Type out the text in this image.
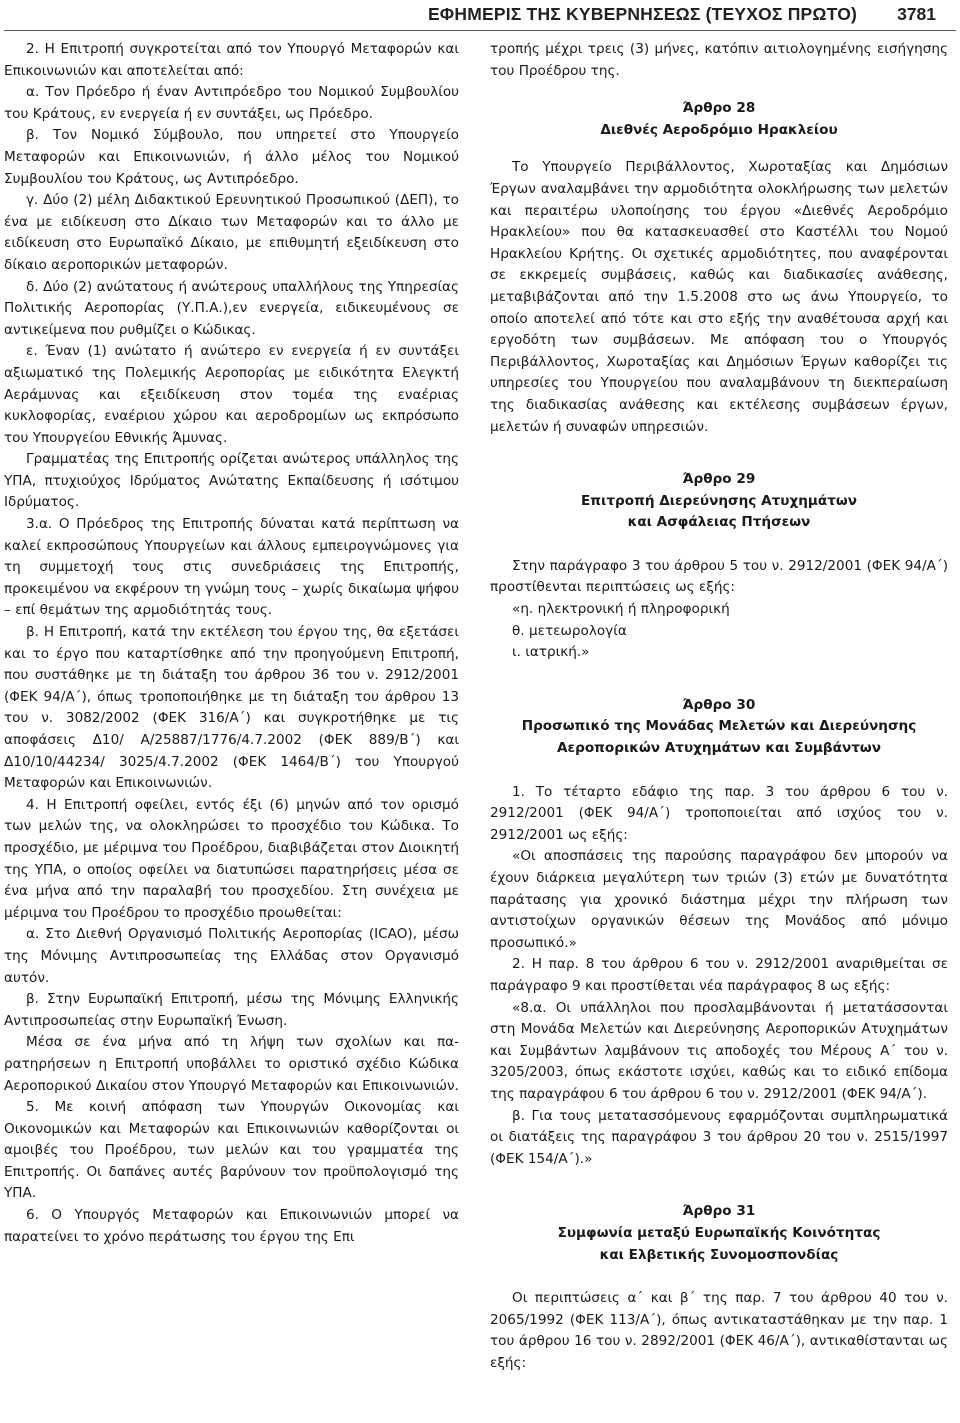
ΕΦΗΜΕΡΙΣ ΤΗΣ ΚΥΒΕΡΝΗΣΕΩΣ (ΤΕΥΧΟΣ ΠΡΩΤΟ) 3781

2. Η Επιτροπή συγκροτείται από τον Υπουργό Μεταφορών και Επικοινωνιών και αποτελείται από:

α. Τον Πρόεδρο ή έναν Αντιπρόεδρο του Νομικού Συμβουλίου του Κράτους, εν ενεργεία ή εν συντάξει, ως Πρόεδρο.

β. Τον Νομικό Σύμβουλο, που υπηρετεί στο Υπουργείο Μεταφορών και Επικοινωνιών, ή άλλο μέλος του Νομικού Συμβουλίου του Κράτους, ως Αντιπρόεδρο.

γ. Δύο (2) μέλη Διδακτικού Ερευνητικού Προσωπικού (ΔΕΠ), το ένα με ειδίκευση στο Δίκαιο των Μεταφορών και το άλλο με ειδίκευση στο Ευρωπαϊκό Δίκαιο, με επιθυμητή εξειδίκευση στο δίκαιο αεροπορικών μεταφορών.

δ. Δύο (2) ανώτατους ή ανώτερους υπαλλήλους της Υπηρεσίας Πολιτικής Αεροπορίας (Υ.Π.Α.),εν ενεργεία, ειδικευμένους σε αντικείμενα που ρυθμίζει ο Κώδικας.

ε. Έναν (1) ανώτατο ή ανώτερο εν ενεργεία ή εν συντάξει αξιωματικό της Πολεμικής Αεροπορίας με ειδικότητα Ελεγκτή Αεράμυνας και εξειδίκευση στον τομέα της εναέριας κυκλοφορίας, εναέριου χώρου και αεροδρομίων ως εκπρόσωπο του Υπουργείου Εθνικής Άμυνας.

Γραμματέας της Επιτροπής ορίζεται ανώτερος υπάλληλος της ΥΠΑ, πτυχιούχος Ιδρύματος Ανώτατης Εκπαίδευσης ή ισότιμου Ιδρύματος.

3.α. Ο Πρόεδρος της Επιτροπής δύναται κατά περίπτωση να καλεί εκπροσώπους Υπουργείων και άλλους εμπειρογνώμονες για τη συμμετοχή τους στις συνεδριάσεις της Επιτροπής, προκειμένου να εκφέρουν τη γνώμη τους – χωρίς δικαίωμα ψήφου – επί θεμάτων της αρμοδιότητάς τους.

β. Η Επιτροπή, κατά την εκτέλεση του έργου της, θα εξετάσει και το έργο που καταρτίσθηκε από την προηγούμενη Επιτροπή, που συστάθηκε με τη διάταξη του άρθρου 36 του ν. 2912/2001 (ΦΕΚ 94/Α΄), όπως τροποποιήθηκε με τη διάταξη του άρθρου 13 του ν. 3082/2002 (ΦΕΚ 316/Α΄) και συγκροτήθηκε με τις αποφάσεις Δ10/ Α/25887/1776/4.7.2002 (ΦΕΚ 889/Β΄) και Δ10/10/44234/ 3025/4.7.2002 (ΦΕΚ 1464/Β΄) του Υπουργού Μεταφορών και Επικοινωνιών.

4. Η Επιτροπή οφείλει, εντός έξι (6) μηνών από τον ορισμό των μελών της, να ολοκληρώσει το προσχέδιο του Κώδικα. Το προσχέδιο, με μέριμνα του Προέδρου, διαβιβάζεται στον Διοικητή της ΥΠΑ, ο οποίος οφείλει να διατυπώσει παρατηρήσεις μέσα σε ένα μήνα από την παραλαβή του προσχεδίου. Στη συνέχεια με μέριμνα του Προέδρου το προσχέδιο προωθείται:

α. Στο Διεθνή Οργανισμό Πολιτικής Αεροπορίας (ICAO), μέσω της Μόνιμης Αντιπροσωπείας της Ελλάδας στον Οργανισμό αυτόν.

β. Στην Ευρωπαϊκή Επιτροπή, μέσω της Μόνιμης Ελληνικής Αντιπροσωπείας στην Ευρωπαϊκή Ένωση.

Μέσα σε ένα μήνα από τη λήψη των σχολίων και παρατηρήσεων η Επιτροπή υποβάλλει το οριστικό σχέδιο Κώδικα Αεροπορικού Δικαίου στον Υπουργό Μεταφορών και Επικοινωνιών.

5. Με κοινή απόφαση των Υπουργών Οικονομίας και Οικονομικών και Μεταφορών και Επικοινωνιών καθορίζονται οι αμοιβές του Προέδρου, των μελών και του γραμματέα της Επιτροπής. Οι δαπάνες αυτές βαρύνουν τον προϋπολογισμό της ΥΠΑ.

6. Ο Υπουργός Μεταφορών και Επικοινωνιών μπορεί να παρατείνει το χρόνο περάτωσης του έργου της Επι

τροπής μέχρι τρεις (3) μήνες, κατόπιν αιτιολογημένης εισήγησης του Προέδρου της.

Άρθρο 28
Διεθνές Αεροδρόμιο Ηρακλείου

Το Υπουργείο Περιβάλλοντος, Χωροταξίας και Δημόσιων Έργων αναλαμβάνει την αρμοδιότητα ολοκλήρωσης των μελετών και περαιτέρω υλοποίησης του έργου «Διεθνές Αεροδρόμιο Ηρακλείου» που θα κατασκευασθεί στο Καστέλλι του Νομού Ηρακλείου Κρήτης. Οι σχετικές αρμοδιότητες, που αναφέρονται σε εκκρεμείς συμβάσεις, καθώς και διαδικασίες ανάθεσης, μεταβιβάζονται από την 1.5.2008 στο ως άνω Υπουργείο, το οποίο αποτελεί από τότε και στο εξής την αναθέτουσα αρχή και εργοδότη των συμβάσεων. Με απόφαση του ο Υπουργός Περιβάλλοντος, Χωροταξίας και Δημόσιων Έργων καθορίζει τις υπηρεσίες του Υπουργείου που αναλαμβάνουν τη διεκπεραίωση της διαδικασίας ανάθεσης και εκτέλεσης συμβάσεων έργων, μελετών ή συναφών υπηρεσιών.

Άρθρο 29
Επιτροπή Διερεύνησης Ατυχημάτων
και Ασφάλειας Πτήσεων

Στην παράγραφο 3 του άρθρου 5 του ν. 2912/2001 (ΦΕΚ 94/Α΄) προστίθενται περιπτώσεις ως εξής:

«η. ηλεκτρονική ή πληροφορική

θ. μετεωρολογία

ι. ιατρική.»

Άρθρο 30
Προσωπικό της Μονάδας Μελετών και Διερεύνησης
Αεροπορικών Ατυχημάτων και Συμβάντων

1. Το τέταρτο εδάφιο της παρ. 3 του άρθρου 6 του ν. 2912/2001 (ΦΕΚ 94/Α΄) τροποποιείται από ισχύος του ν. 2912/2001 ως εξής:

«Οι αποσπάσεις της παρούσης παραγράφου δεν μπορούν να έχουν διάρκεια μεγαλύτερη των τριών (3) ετών με δυνατότητα παράτασης για χρονικό διάστημα μέχρι την πλήρωση των αντιστοίχων οργανικών θέσεων της Μονάδος από μόνιμο προσωπικό.»

2. Η παρ. 8 του άρθρου 6 του ν. 2912/2001 αναριθμείται σε παράγραφο 9 και προστίθεται νέα παράγραφος 8 ως εξής:

«8.α. Οι υπάλληλοι που προσλαμβάνονται ή μετατάσσονται στη Μονάδα Μελετών και Διερεύνησης Αεροπορικών Ατυχημάτων και Συμβάντων λαμβάνουν τις αποδοχές του Μέρους Α΄ του ν. 3205/2003, όπως εκάστοτε ισχύει, καθώς και το ειδικό επίδομα της παραγράφου 6 του άρθρου 6 του ν. 2912/2001 (ΦΕΚ 94/Α΄).

β. Για τους μετατασσόμενους εφαρμόζονται συμπληρωματικά οι διατάξεις της παραγράφου 3 του άρθρου 20 του ν. 2515/1997 (ΦΕΚ 154/Α΄).»

Άρθρο 31
Συμφωνία μεταξύ Ευρωπαϊκής Κοινότητας
και Ελβετικής Συνομοσπονδίας

Οι περιπτώσεις α΄ και β΄ της παρ. 7 του άρθρου 40 του ν. 2065/1992 (ΦΕΚ 113/Α΄), όπως αντικαταστάθηκαν με την παρ. 1 του άρθρου 16 του ν. 2892/2001 (ΦΕΚ 46/Α΄), αντικαθίστανται ως εξής:
